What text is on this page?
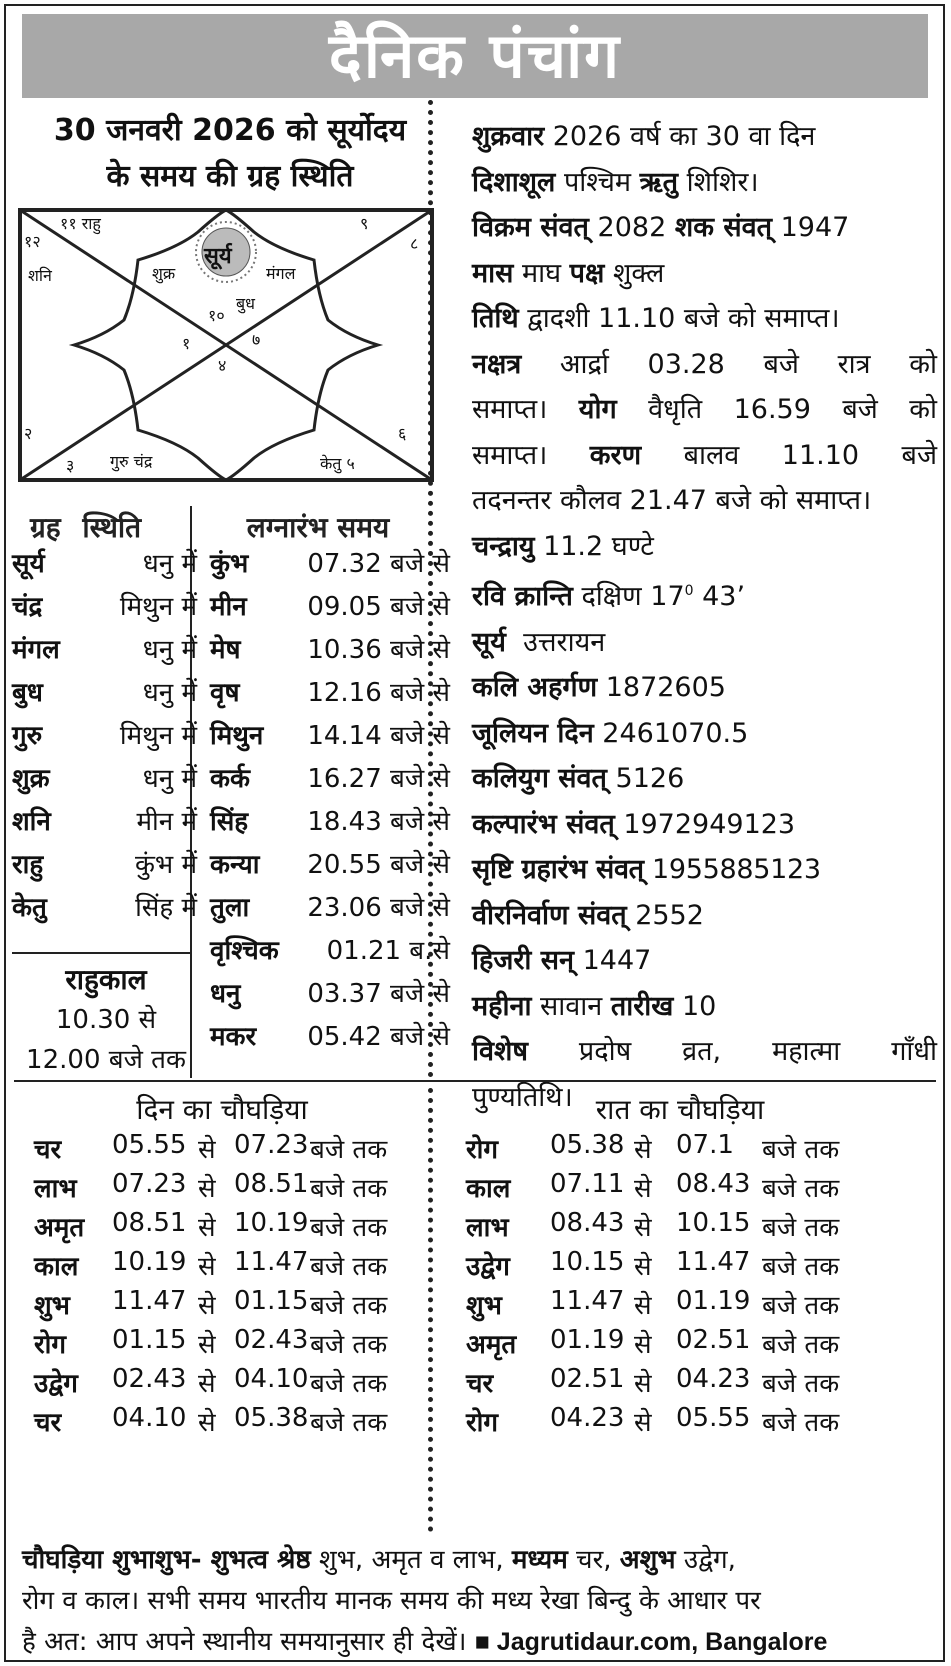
दैनिक पंचांग
30 जनवरी 2026 को सूर्योदय
के समय की ग्रह स्थिति
११ राहु
१२
शनि
९
८
सूर्य
शुक्र	मंगल
बुध
१०
१	७
४
२
३ गुरु चंद्र
६
केतु ५
ग्रह स्थिति
सूर्य	धनु में
चंद्र	मिथुन में
मंगल	धनु में
बुध	धनु में
गुरु	मिथुन में
शुक्र	धनु में
शनि	मीन में
राहु	कुंभ में
केतु	सिंह में
लग्नारंभ समय
कुंभ 07.32 बजे से
मीन 09.05 बजे से
मेष	10.36 बजे से
वृष	12.16 बजे से
मिथुन 14.14 बजे से
कर्क 16.27 बजे से
सिंह 18.43 बजे से
कन्या 20.55 बजे से
तुला 23.06 बजे से
वृश्चिक 01.21 ब.से
धनु	03.37 बजे से
मकर 05.42 बजे से
राहुकाल
10.30 से
12.00 बजे तक

शुक्रवार 2026 वर्ष का 30 वा दिन

दिशाशूल पश्चिम ऋतु शिशिर।

विक्रम संवत् 2082 शक संवत् 1947

मास माघ पक्ष शुक्ल

तिथि द्वादशी 11.10 बजे को समाप्त।

नक्षत्र आर्द्रा 03.28 बजे रात्र को

समाप्त। योग वैधृति 16.59 बजे को

समाप्त। करण बालव 11.10 बजे

तदनन्तर कौलव 21.47 बजे को समाप्त।

चन्द्रायु 11.2 घण्टे

रवि क्रान्ति दक्षिण $17^0$ 43’

सूर्य  उत्तरायन

कलि अहर्गण 1872605

जूलियन दिन 2461070.5

कलियुग संवत् 5126

कल्पारंभ संवत् 1972949123

सृष्टि ग्रहारंभ संवत् 1955885123

वीरनिर्वाण संवत् 2552

हिजरी सन् 1447

महीना सावान तारीख 10

विशेष प्रदोष व्रत, महात्मा गाँधी

पुण्यतिथि।

दिन का चौघड़िया	रात का चौघड़िया
चर 05.55 से 07.23 बजे तक
लाभ 07.23 से 08.51 बजे तक
अमृत 08.51 से 10.19 बजे तक
काल 10.19 से 11.47 बजे तक
शुभ 11.47 से 01.15 बजे तक
रोग 01.15 से 02.43 बजे तक
उद्वेग 02.43 से 04.10 बजे तक
चर 04.10 से 05.38 बजे तक
रोग 05.38 से 07.1 बजे तक
काल 07.11 से 08.43 बजे तक
लाभ 08.43 से 10.15 बजे तक
उद्वेग 10.15 से 11.47 बजे तक
शुभ 11.47 से 01.19 बजे तक
अमृत 01.19 से 02.51 बजे तक
चर 02.51 से 04.23 बजे तक
रोग 04.23 से 05.55 बजे तक

चौघड़िया शुभाशुभ- शुभत्व श्रेष्ठ शुभ, अमृत व लाभ, मध्यम चर, अशुभ उद्वेग,

रोग व काल। सभी समय भारतीय मानक समय की मध्य रेखा बिन्दु के आधार पर

है अत: आप अपने स्थानीय समयानुसार ही देखें। ■ Jagrutidaur.com, Bangalore
